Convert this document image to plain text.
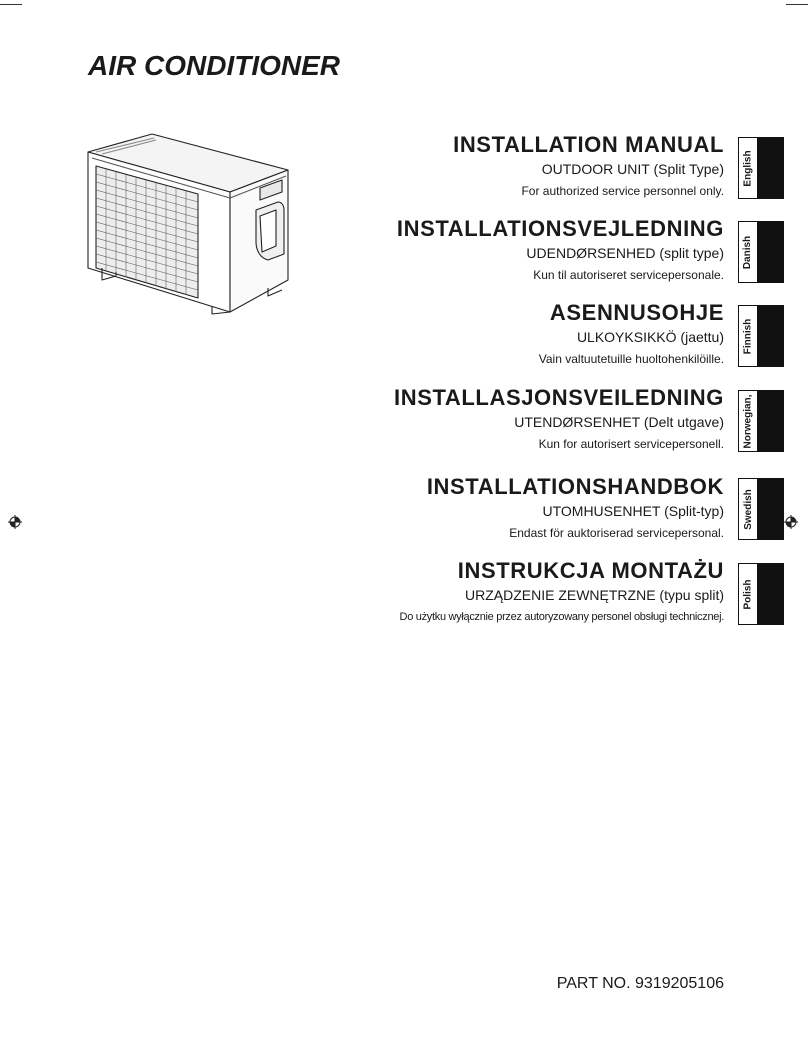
AIR CONDITIONER
INSTALLATION MANUAL
OUTDOOR UNIT (Split Type)
For authorized service personnel only.
INSTALLATIONSVEJLEDNING
UDENDØRSENHED (split type)
Kun til autoriseret servicepersonale.
ASENNUSOHJE
ULKOYKSIKKÖ (jaettu)
Vain valtuutetuille huoltohenkilöille.
INSTALLASJONSVEILEDNING
UTENDØRSENHET (Delt utgave)
Kun for autorisert servicepersonell.
INSTALLATIONSHANDBOK
UTOMHUSENHET (Split-typ)
Endast för auktoriserad servicepersonal.
INSTRUKCJA MONTAŻU
URZĄDZENIE ZEWNĘTRZNE (typu split)
Do użytku wyłącznie przez autoryzowany personel obsługi technicznej.
English
Danish
Finnish
Norwegian,
Swedish
Polish
PART NO. 9319205106
